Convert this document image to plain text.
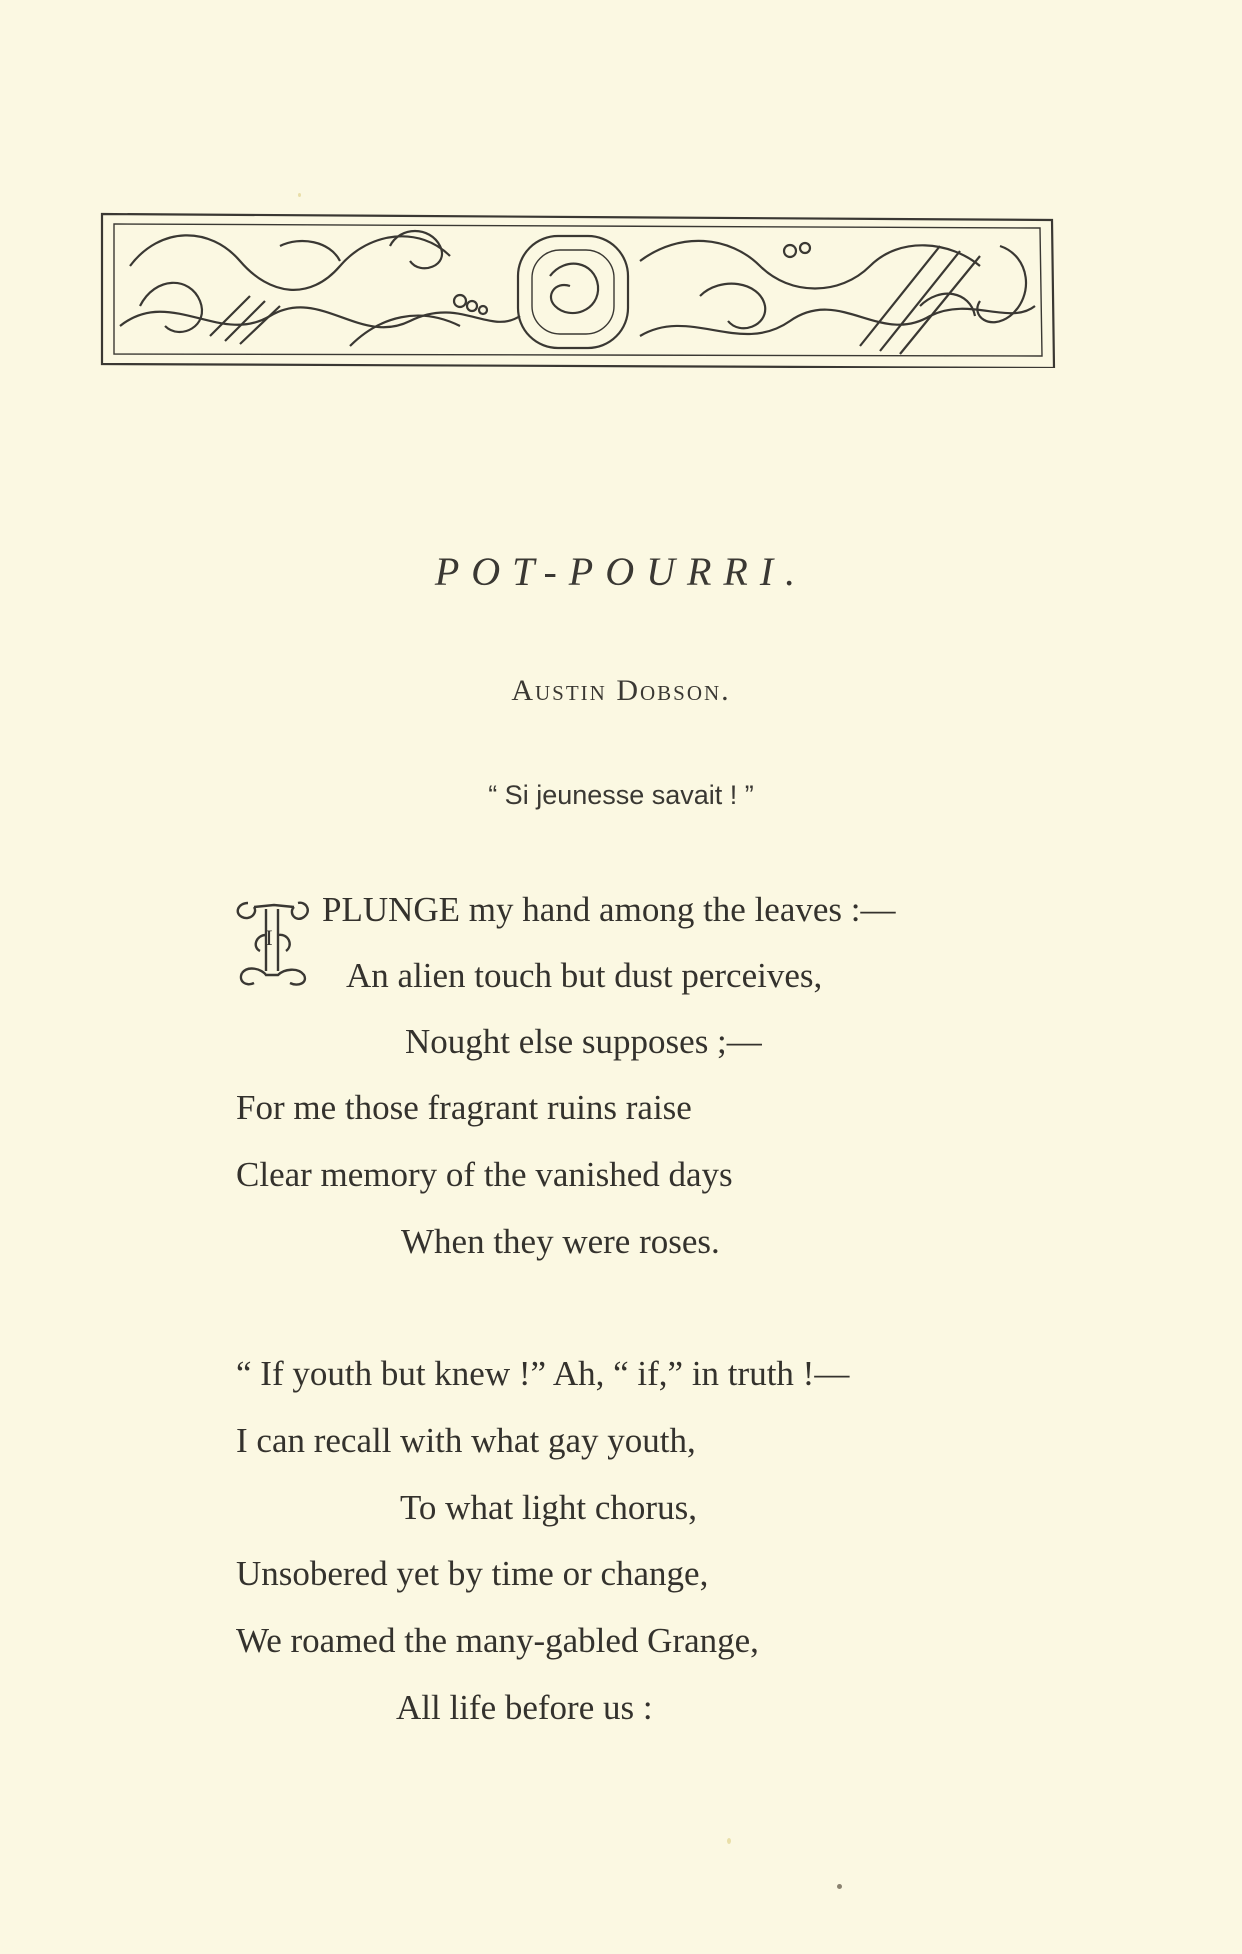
POT-POURRI.
Austin Dobson.
“ Si jeunesse savait ! ”
I
PLUNGE my hand among the leaves :—
An alien touch but dust perceives,
Nought else supposes ;—
For me those fragrant ruins raise
Clear memory of the vanished days
When they were roses.
“ If youth but knew !” Ah, “ if,” in truth !—
I can recall with what gay youth,
To what light chorus,
Unsobered yet by time or change,
We roamed the many-gabled Grange,
All life before us :
